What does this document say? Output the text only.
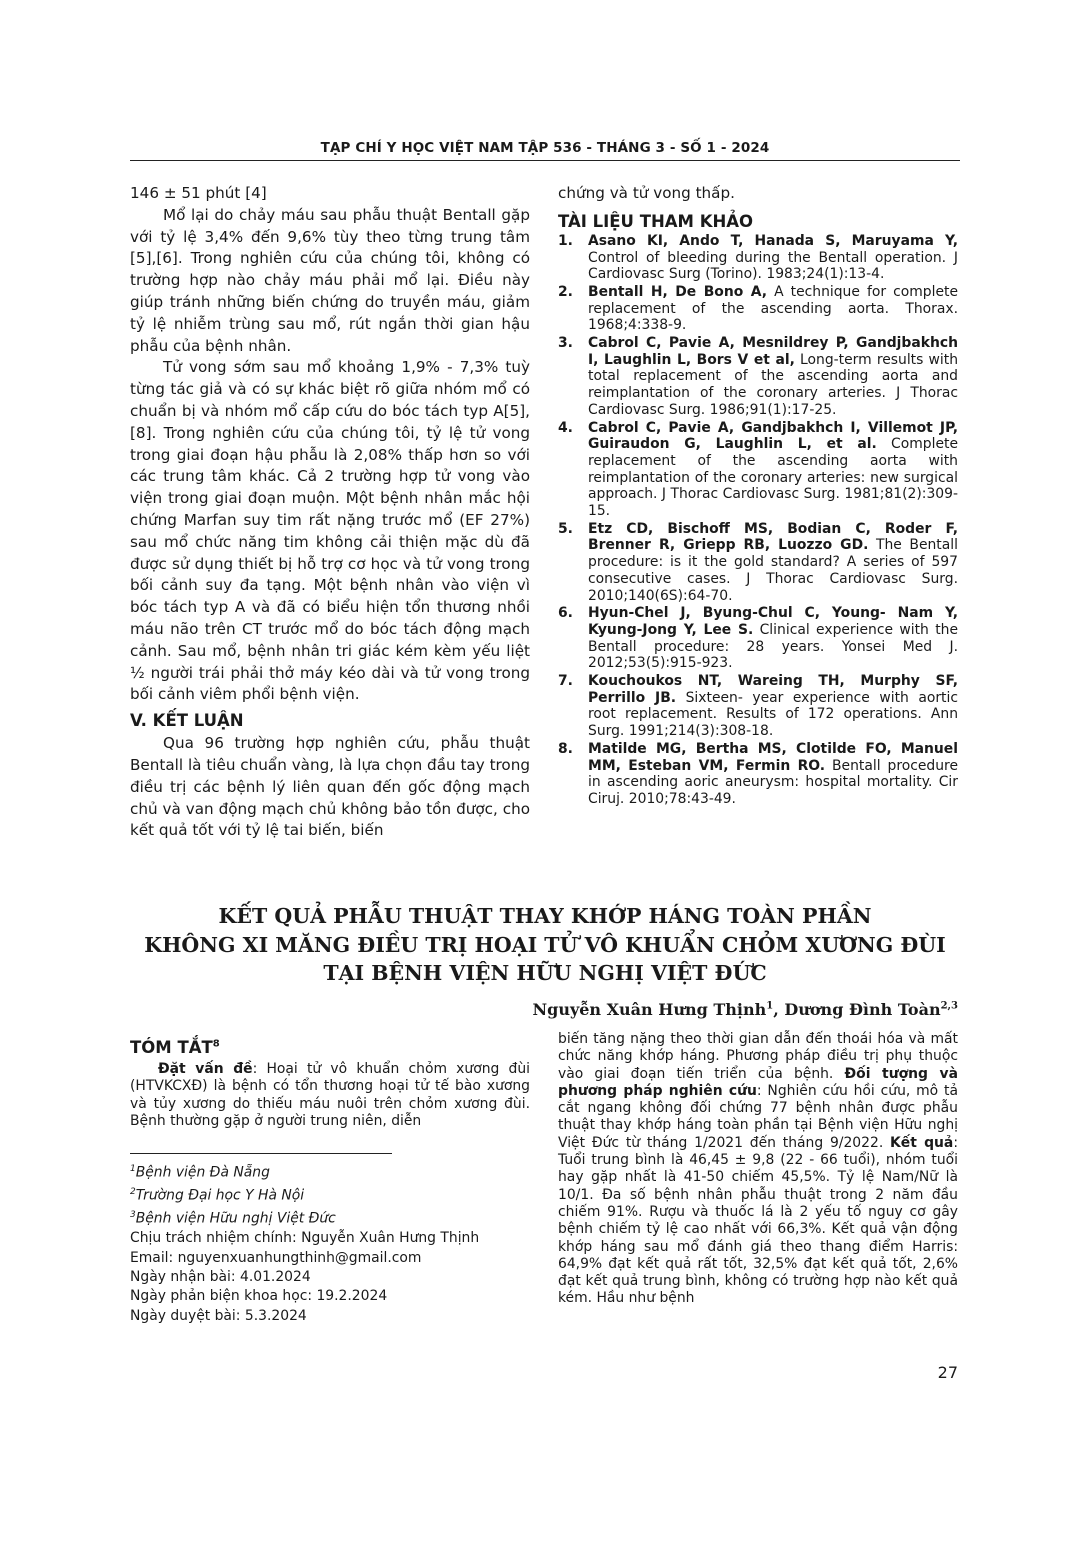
TẠP CHÍ Y HỌC VIỆT NAM TẬP 536 - THÁNG 3 - SỐ 1 - 2024

146 ± 51 phút [4]

Mổ lại do chảy máu sau phẫu thuật Bentall gặp với tỷ lệ 3,4% đến 9,6% tùy theo từng trung tâm [5],[6]. Trong nghiên cứu của chúng tôi, không có trường hợp nào chảy máu phải mổ lại. Điều này giúp tránh những biến chứng do truyền máu, giảm tỷ lệ nhiễm trùng sau mổ, rút ngắn thời gian hậu phẫu của bệnh nhân.

Tử vong sớm sau mổ khoảng 1,9% - 7,3% tuỳ từng tác giả và có sự khác biệt rõ giữa nhóm mổ có chuẩn bị và nhóm mổ cấp cứu do bóc tách typ A[5],[8]. Trong nghiên cứu của chúng tôi, tỷ lệ tử vong trong giai đoạn hậu phẫu là 2,08% thấp hơn so với các trung tâm khác. Cả 2 trường hợp tử vong vào viện trong giai đoạn muộn. Một bệnh nhân mắc hội chứng Marfan suy tim rất nặng trước mổ (EF 27%) sau mổ chức năng tim không cải thiện mặc dù đã được sử dụng thiết bị hỗ trợ cơ học và tử vong trong bối cảnh suy đa tạng. Một bệnh nhân vào viện vì bóc tách typ A và đã có biểu hiện tổn thương nhồi máu não trên CT trước mổ do bóc tách động mạch cảnh. Sau mổ, bệnh nhân tri giác kém kèm yếu liệt ½ người trái phải thở máy kéo dài và tử vong trong bối cảnh viêm phổi bệnh viện.

V. KẾT LUẬN

Qua 96 trường hợp nghiên cứu, phẫu thuật Bentall là tiêu chuẩn vàng, là lựa chọn đầu tay trong điều trị các bệnh lý liên quan đến gốc động mạch chủ và van động mạch chủ không bảo tồn được, cho kết quả tốt với tỷ lệ tai biến, biến

chứng và tử vong thấp.
TÀI LIỆU THAM KHẢO
1.	Asano KI, Ando T, Hanada S, Maruyama Y, Control of bleeding during the Bentall operation. J Cardiovasc Surg (Torino). 1983;24(1):13-4.
2.	Bentall H, De Bono A, A technique for complete replacement of the ascending aorta. Thorax. 1968;4:338-9.
3.	Cabrol C, Pavie A, Mesnildrey P, Gandjbakhch I, Laughlin L, Bors V et al, Long-term results with total replacement of the ascending aorta and reimplantation of the coronary arteries. J Thorac Cardiovasc Surg. 1986;91(1):17-25.
4.	Cabrol C, Pavie A, Gandjbakhch I, Villemot JP, Guiraudon G, Laughlin L, et al. Complete replacement of the ascending aorta with reimplantation of the coronary arteries: new surgical approach. J Thorac Cardiovasc Surg. 1981;81(2):309-15.
5.	Etz CD, Bischoff MS, Bodian C, Roder F, Brenner R, Griepp RB, Luozzo GD. The Bentall procedure: is it the gold standard? A series of 597 consecutive cases. J Thorac Cardiovasc Surg. 2010;140(6S):64-70.
6.	Hyun-Chel J, Byung-Chul C, Young- Nam Y, Kyung-Jong Y, Lee S. Clinical experience with the Bentall procedure: 28 years. Yonsei Med J. 2012;53(5):915-923.
7.	Kouchoukos NT, Wareing TH, Murphy SF, Perrillo JB. Sixteen- year experience with aortic root replacement. Results of 172 operations. Ann Surg. 1991;214(3):308-18.
8.	Matilde MG, Bertha MS, Clotilde FO, Manuel MM, Esteban VM, Fermin RO. Bentall procedure in ascending aoric aneurysm: hospital mortality. Cir Ciruj. 2010;78:43-49.
KẾT QUẢ PHẪU THUẬT THAY KHỚP HÁNG TOÀN PHẦN
KHÔNG XI MĂNG ĐIỀU TRỊ HOẠI TỬ VÔ KHUẨN CHỎM XƯƠNG ĐÙI
TẠI BỆNH VIỆN HỮU NGHỊ VIỆT ĐỨC
Nguyễn Xuân Hưng Thịnh$^1$, Dương Đình Toàn$^{2,3}$
TÓM TẮT$^8$

Đặt vấn đề: Hoại tử vô khuẩn chỏm xương đùi (HTVKCXĐ) là bệnh có tổn thương hoại tử tế bào xương và tủy xương do thiếu máu nuôi trên chỏm xương đùi. Bệnh thường gặp ở người trung niên, diễn

biến tăng nặng theo thời gian dẫn đến thoái hóa và mất chức năng khớp háng. Phương pháp điều trị phụ thuộc vào giai đoạn tiến triển của bệnh. Đối tượng và phương pháp nghiên cứu: Nghiên cứu hồi cứu, mô tả cắt ngang không đối chứng 77 bệnh nhân được phẫu thuật thay khớp háng toàn phần tại Bệnh viện Hữu nghị Việt Đức từ tháng 1/2021 đến tháng 9/2022. Kết quả: Tuổi trung bình là 46,45 ± 9,8 (22 - 66 tuổi), nhóm tuổi hay gặp nhất là 41-50 chiếm 45,5%. Tỷ lệ Nam/Nữ là 10/1. Đa số bệnh nhân phẫu thuật trong 2 năm đầu chiếm 91%. Rượu và thuốc lá là 2 yếu tố nguy cơ gây bệnh chiếm tỷ lệ cao nhất với 66,3%. Kết quả vận động khớp háng sau mổ đánh giá theo thang điểm Harris: 64,9% đạt kết quả rất tốt, 32,5% đạt kết quả tốt, 2,6% đạt kết quả trung bình, không có trường hợp nào kết quả kém. Hầu như bệnh

$^1$Bệnh viện Đà Nẵng
$^2$Trường Đại học Y Hà Nội
$^3$Bệnh viện Hữu nghị Việt Đức
Chịu trách nhiệm chính: Nguyễn Xuân Hưng Thịnh
Email: nguyenxuanhungthinh@gmail.com
Ngày nhận bài: 4.01.2024
Ngày phản biện khoa học: 19.2.2024
Ngày duyệt bài: 5.3.2024
27
